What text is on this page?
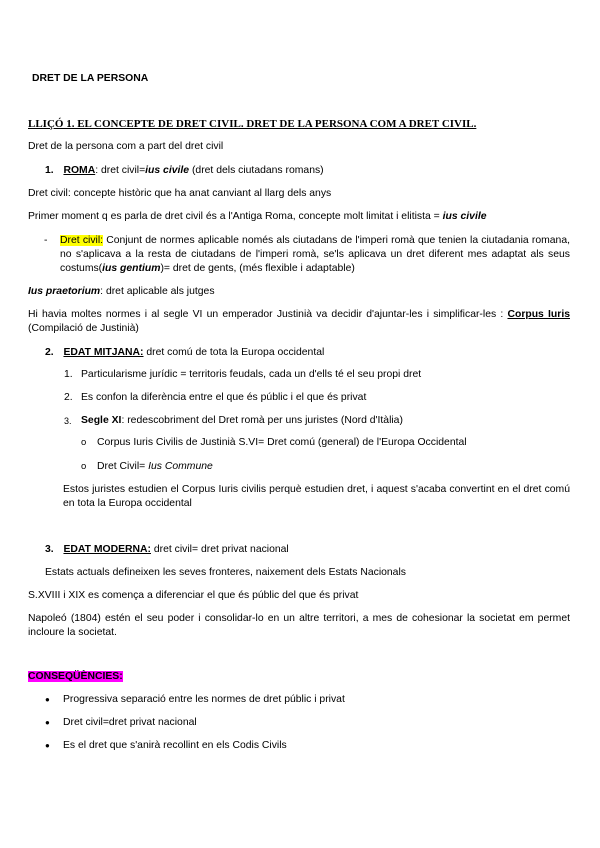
DRET DE LA PERSONA
LLIÇÓ 1. EL CONCEPTE DE DRET CIVIL. DRET DE LA PERSONA COM A DRET CIVIL.
Dret de la persona com a part del dret civil
1. ROMA: dret civil=ius civile (dret dels ciutadans romans)
Dret civil: concepte històric que ha anat canviant al llarg dels anys
Primer moment q es parla de dret civil és a l'Antiga Roma, concepte molt limitat i elitista = ius civile
- Dret civil: Conjunt de normes aplicable només als ciutadans de l'imperi romà que tenien la ciutadania romana, no s'aplicava a la resta de ciutadans de l'imperi romà, se'ls aplicava un dret diferent mes adaptat als seus costums(ius gentium)= dret de gents, (més flexible i adaptable)
Ius praetorium: dret aplicable als jutges
Hi havia moltes normes i al segle VI un emperador Justinià va decidir d'ajuntar-les i simplificar-les : Corpus Iuris (Compilació de Justinià)
2. EDAT MITJANA: dret comú de tota la Europa occidental
1. Particularisme jurídic = territoris feudals, cada un d'ells té el seu propi dret
2. Es confon la diferència entre el que és públic i el que és privat
3. Segle XI: redescobriment del Dret romà per uns juristes (Nord d'Itàlia)
o Corpus Iuris Civilis de Justinià S.VI= Dret comú (general) de l'Europa Occidental
o Dret Civil= Ius Commune
Estos juristes estudien el Corpus Iuris civilis perquè estudien dret, i aquest s'acaba convertint en el dret comú en tota la Europa occidental
3. EDAT MODERNA: dret civil= dret privat nacional
Estats actuals defineixen les seves fronteres, naixement dels Estats Nacionals
S.XVIII i XIX es comença a diferenciar el que és públic del que és privat
Napoleó (1804) estén el seu poder i consolidar-lo en un altre territori, a mes de cohesionar la societat em permet incloure la societat.
CONSEQÜÈNCIES:
● Progressiva separació entre les normes de dret públic i privat
● Dret civil=dret privat nacional
● Es el dret que s'anirà recollint en els Codis Civils
